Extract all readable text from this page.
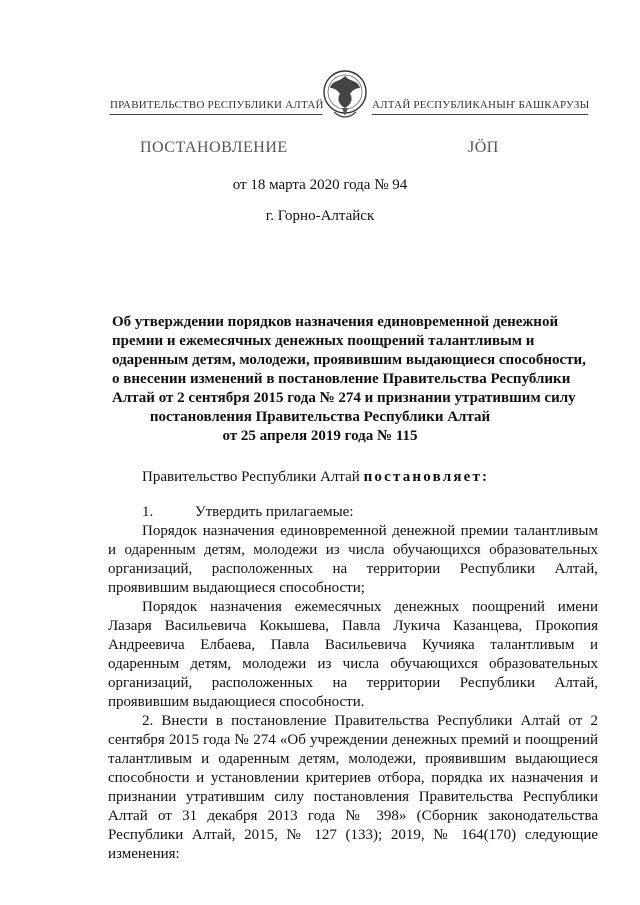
ПРАВИТЕЛЬСТВО РЕСПУБЛИКИ АЛТАЙ	АЛТАЙ РЕСПУБЛИКАНЫҤ БАШКАРУЗЫ
ПОСТАНОВЛЕНИЕ	ЈӦП
от 18 марта 2020 года № 94
г. Горно-Алтайск
Об утверждении порядков назначения единовременной денежной
премии и ежемесячных денежных поощрений талантливым и
одаренным детям, молодежи, проявившим выдающиеся способности,
о внесении изменений в постановление Правительства Республики
Алтай от 2 сентября 2015 года № 274 и признании утратившим силу
постановления Правительства Республики Алтай
от 25 апреля 2019 года № 115
Правительство Республики Алтай постановляет:
1.	Утвердить прилагаемые:

Порядок назначения единовременной денежной премии талантливым и одаренным детям, молодежи из числа обучающихся образовательных организаций, расположенных на территории Республики Алтай, проявившим выдающиеся способности;

Порядок назначения ежемесячных денежных поощрений имени Лазаря Васильевича Кокышева, Павла Лукича Казанцева, Прокопия Андреевича Елбаева, Павла Васильевича Кучияка талантливым и одаренным детям, молодежи из числа обучающихся образовательных организаций, расположенных на территории Республики Алтай, проявившим выдающиеся способности.

2. Внести в постановление Правительства Республики Алтай от 2 сентября 2015 года № 274 «Об учреждении денежных премий и поощрений талантливым и одаренным детям, молодежи, проявившим выдающиеся способности и установлении критериев отбора, порядка их назначения и признании утратившим силу постановления Правительства Республики Алтай от 31 декабря 2013 года № 398» (Сборник законодательства Республики Алтай, 2015, № 127 (133); 2019, № 164(170) следующие изменения:
